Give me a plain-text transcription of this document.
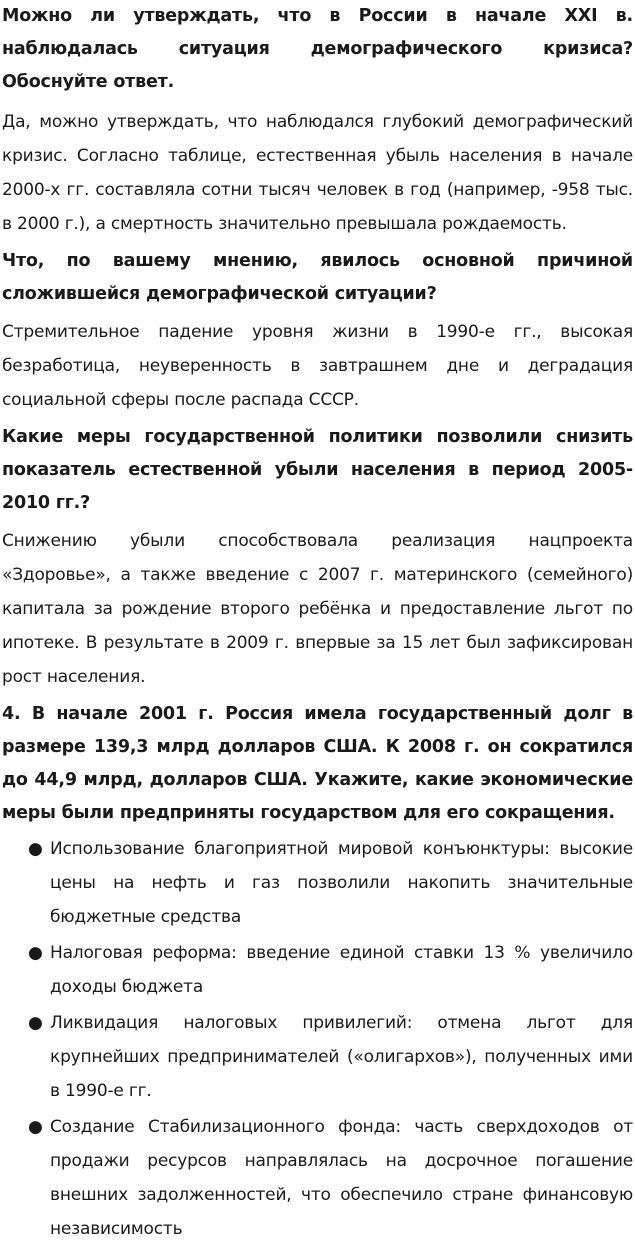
Можно ли утверждать, что в России в начале XXI в. наблюдалась ситуация демографического кризиса? Обоснуйте ответ.

Да, можно утверждать, что наблюдался глубокий демографический кризис. Согласно таблице, естественная убыль населения в начале 2000-х гг. составляла сотни тысяч человек в год (например, -958 тыс. в 2000 г.), а смертность значительно превышала рождаемость.

Что, по вашему мнению, явилось основной причиной сложившейся демографической ситуации?

Стремительное падение уровня жизни в 1990-е гг., высокая безработица, неуверенность в завтрашнем дне и деградация социальной сферы после распада СССР.

Какие меры государственной политики позволили снизить показатель естественной убыли населения в период 2005-2010 гг.?

Снижению убыли способствовала реализация нацпроекта «Здоровье», а также введение с 2007 г. материнского (семейного) капитала за рождение второго ребёнка и предоставление льгот по ипотеке. В результате в 2009 г. впервые за 15 лет был зафиксирован рост населения.

4. В начале 2001 г. Россия имела государственный долг в размере 139,3 млрд долларов США. К 2008 г. он сократился до 44,9 млрд, долларов США. Укажите, какие экономические меры были предприняты государством для его сокращения.

● Использование благоприятной мировой конъюнктуры: высокие цены на нефть и газ позволили накопить значительные бюджетные средства
● Налоговая реформа: введение единой ставки 13 % увеличило доходы бюджета
● Ликвидация налоговых привилегий: отмена льгот для крупнейших предпринимателей («олигархов»), полученных ими в 1990-е гг.
● Создание Стабилизационного фонда: часть сверхдоходов от продажи ресурсов направлялась на досрочное погашение внешних задолженностей, что обеспечило стране финансовую независимость
